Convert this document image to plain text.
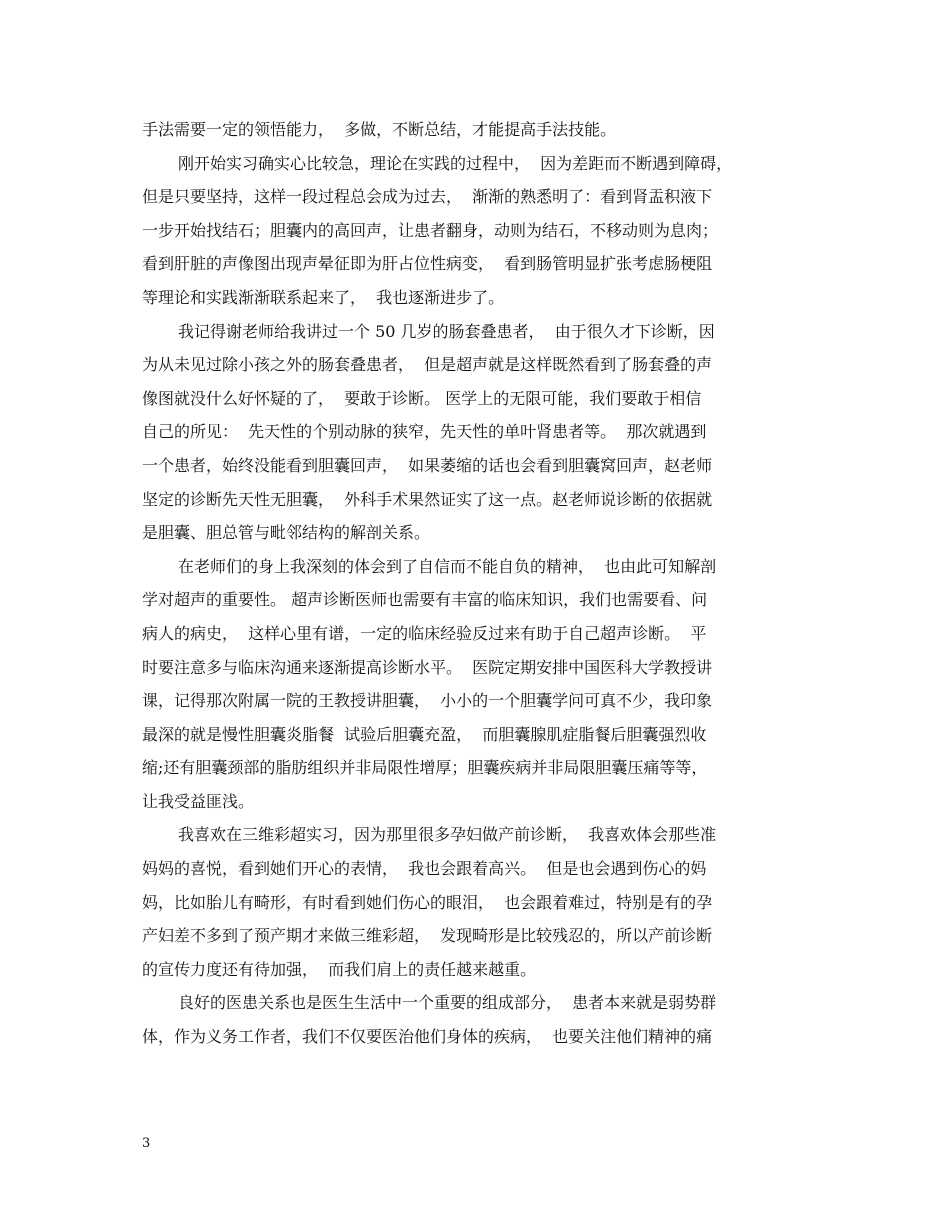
手法需要一定的领悟能力，  多做，不断总结，才能提高手法技能。
刚开始实习确实心比较急，理论在实践的过程中，  因为差距而不断遇到障碍，
但是只要坚持，这样一段过程总会成为过去，  渐渐的熟悉明了：看到肾盂积液下
一步开始找结石；胆囊内的高回声，让患者翻身，动则为结石，不移动则为息肉；
看到肝脏的声像图出现声晕征即为肝占位性病变，  看到肠管明显扩张考虑肠梗阻
等理论和实践渐渐联系起来了，  我也逐渐进步了。
我记得谢老师给我讲过一个 50 几岁的肠套叠患者，  由于很久才下诊断，因
为从未见过除小孩之外的肠套叠患者，  但是超声就是这样既然看到了肠套叠的声
像图就没什么好怀疑的了，  要敢于诊断。 医学上的无限可能，我们要敢于相信
自己的所见：  先天性的个别动脉的狭窄，先天性的单叶肾患者等。  那次就遇到
一个患者，始终没能看到胆囊回声，  如果萎缩的话也会看到胆囊窝回声，赵老师
坚定的诊断先天性无胆囊，  外科手术果然证实了这一点。赵老师说诊断的依据就
是胆囊、胆总管与毗邻结构的解剖关系。
在老师们的身上我深刻的体会到了自信而不能自负的精神，  也由此可知解剖
学对超声的重要性。 超声诊断医师也需要有丰富的临床知识，我们也需要看、问
病人的病史，  这样心里有谱，一定的临床经验反过来有助于自己超声诊断。  平
时要注意多与临床沟通来逐渐提高诊断水平。  医院定期安排中国医科大学教授讲
课，记得那次附属一院的王教授讲胆囊，  小小的一个胆囊学问可真不少，我印象
最深的就是慢性胆囊炎脂餐  试验后胆囊充盈，  而胆囊腺肌症脂餐后胆囊强烈收
缩;还有胆囊颈部的脂肪组织并非局限性增厚；胆囊疾病并非局限胆囊压痛等等，
让我受益匪浅。
我喜欢在三维彩超实习，因为那里很多孕妇做产前诊断，  我喜欢体会那些准
妈妈的喜悦，看到她们开心的表情，  我也会跟着高兴。  但是也会遇到伤心的妈
妈，比如胎儿有畸形，有时看到她们伤心的眼泪，  也会跟着难过，特别是有的孕
产妇差不多到了预产期才来做三维彩超，  发现畸形是比较残忍的，所以产前诊断
的宣传力度还有待加强，  而我们肩上的责任越来越重。
良好的医患关系也是医生生活中一个重要的组成部分，  患者本来就是弱势群
体，作为义务工作者，我们不仅要医治他们身体的疾病，  也要关注他们精神的痛
3
